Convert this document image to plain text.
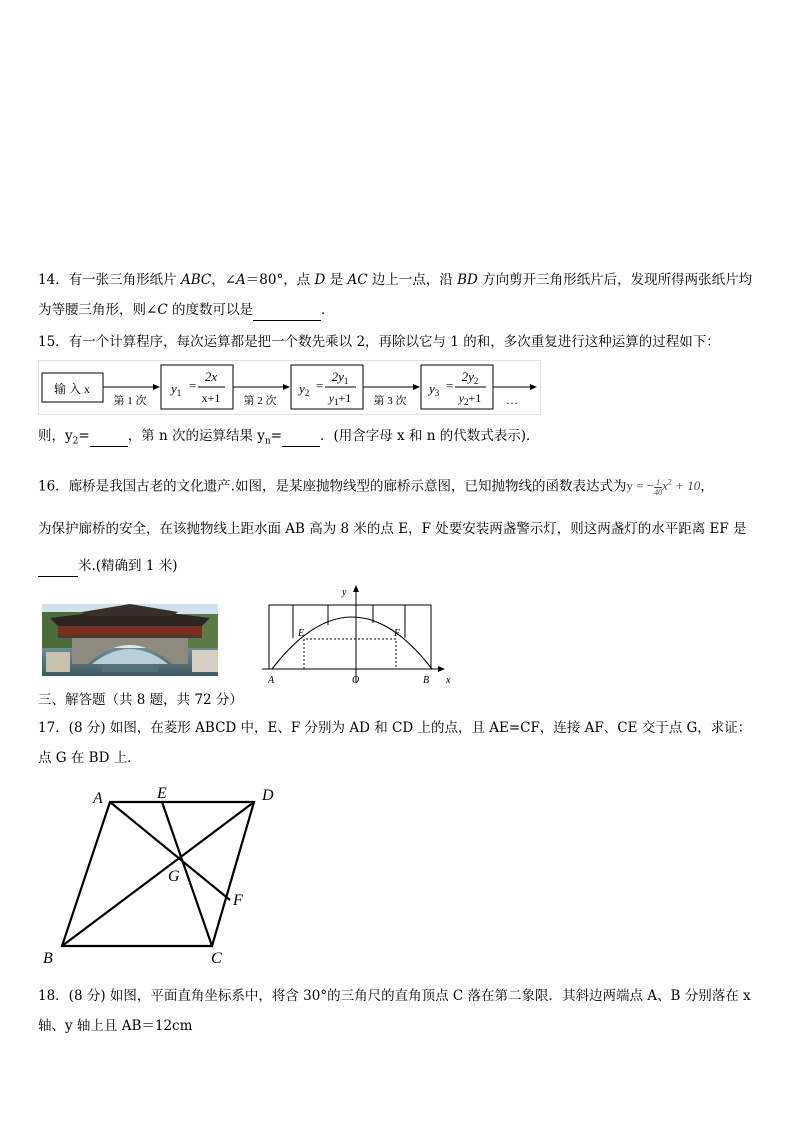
14．有一张三角形纸片 ABC，∠A＝80°，点 D 是 AC 边上一点，沿 BD 方向剪开三角形纸片后，发现所得两张纸片均
为等腰三角形，则∠C 的度数可以是	．
15．有一个计算程序，每次运算都是把一个数先乘以 2，再除以它与 1 的和，多次重复进行这种运算的过程如下：
输 入 x
第 1 次
$y_1$ =
2x
x+1 第 2 次
$y_2$ =
$2y_1$
$y_1+1$ 第 3 次
$y_3$ =
$2y_2$
$y_2+1$ …
则，$y_2=$	，第 n 次的运算结果 $y_n=$	．(用含字母 x 和 n 的代数式表示)．
16．廊桥是我国古老的文化遗产.如图，是某座抛物线型的廊桥示意图，已知抛物线的函数表达式为y = − $\frac{1}{40} x^2 + 10$，
为保护廊桥的安全，在该抛物线上距水面 AB 高为 8 米的点 E，F 处要安装两盏警示灯，则这两盏灯的水平距离 EF 是
米.(精确到 1 米)
x
y
E	F
A	O	B
三、解答题（共 8 题，共 72 分）
17．(8 分) 如图，在菱形 ABCD 中，E、F 分别为 AD 和 CD 上的点，且 AE=CF，连接 AF、CE 交于点 G，求证：
点 G 在 BD 上．
A	E	D
G
F
B	C
18．(8 分) 如图，平面直角坐标系中，将含 30°的三角尺的直角顶点 C 落在第二象限．其斜边两端点 A、B 分别落在 x
轴、y 轴上且 AB＝12cm
